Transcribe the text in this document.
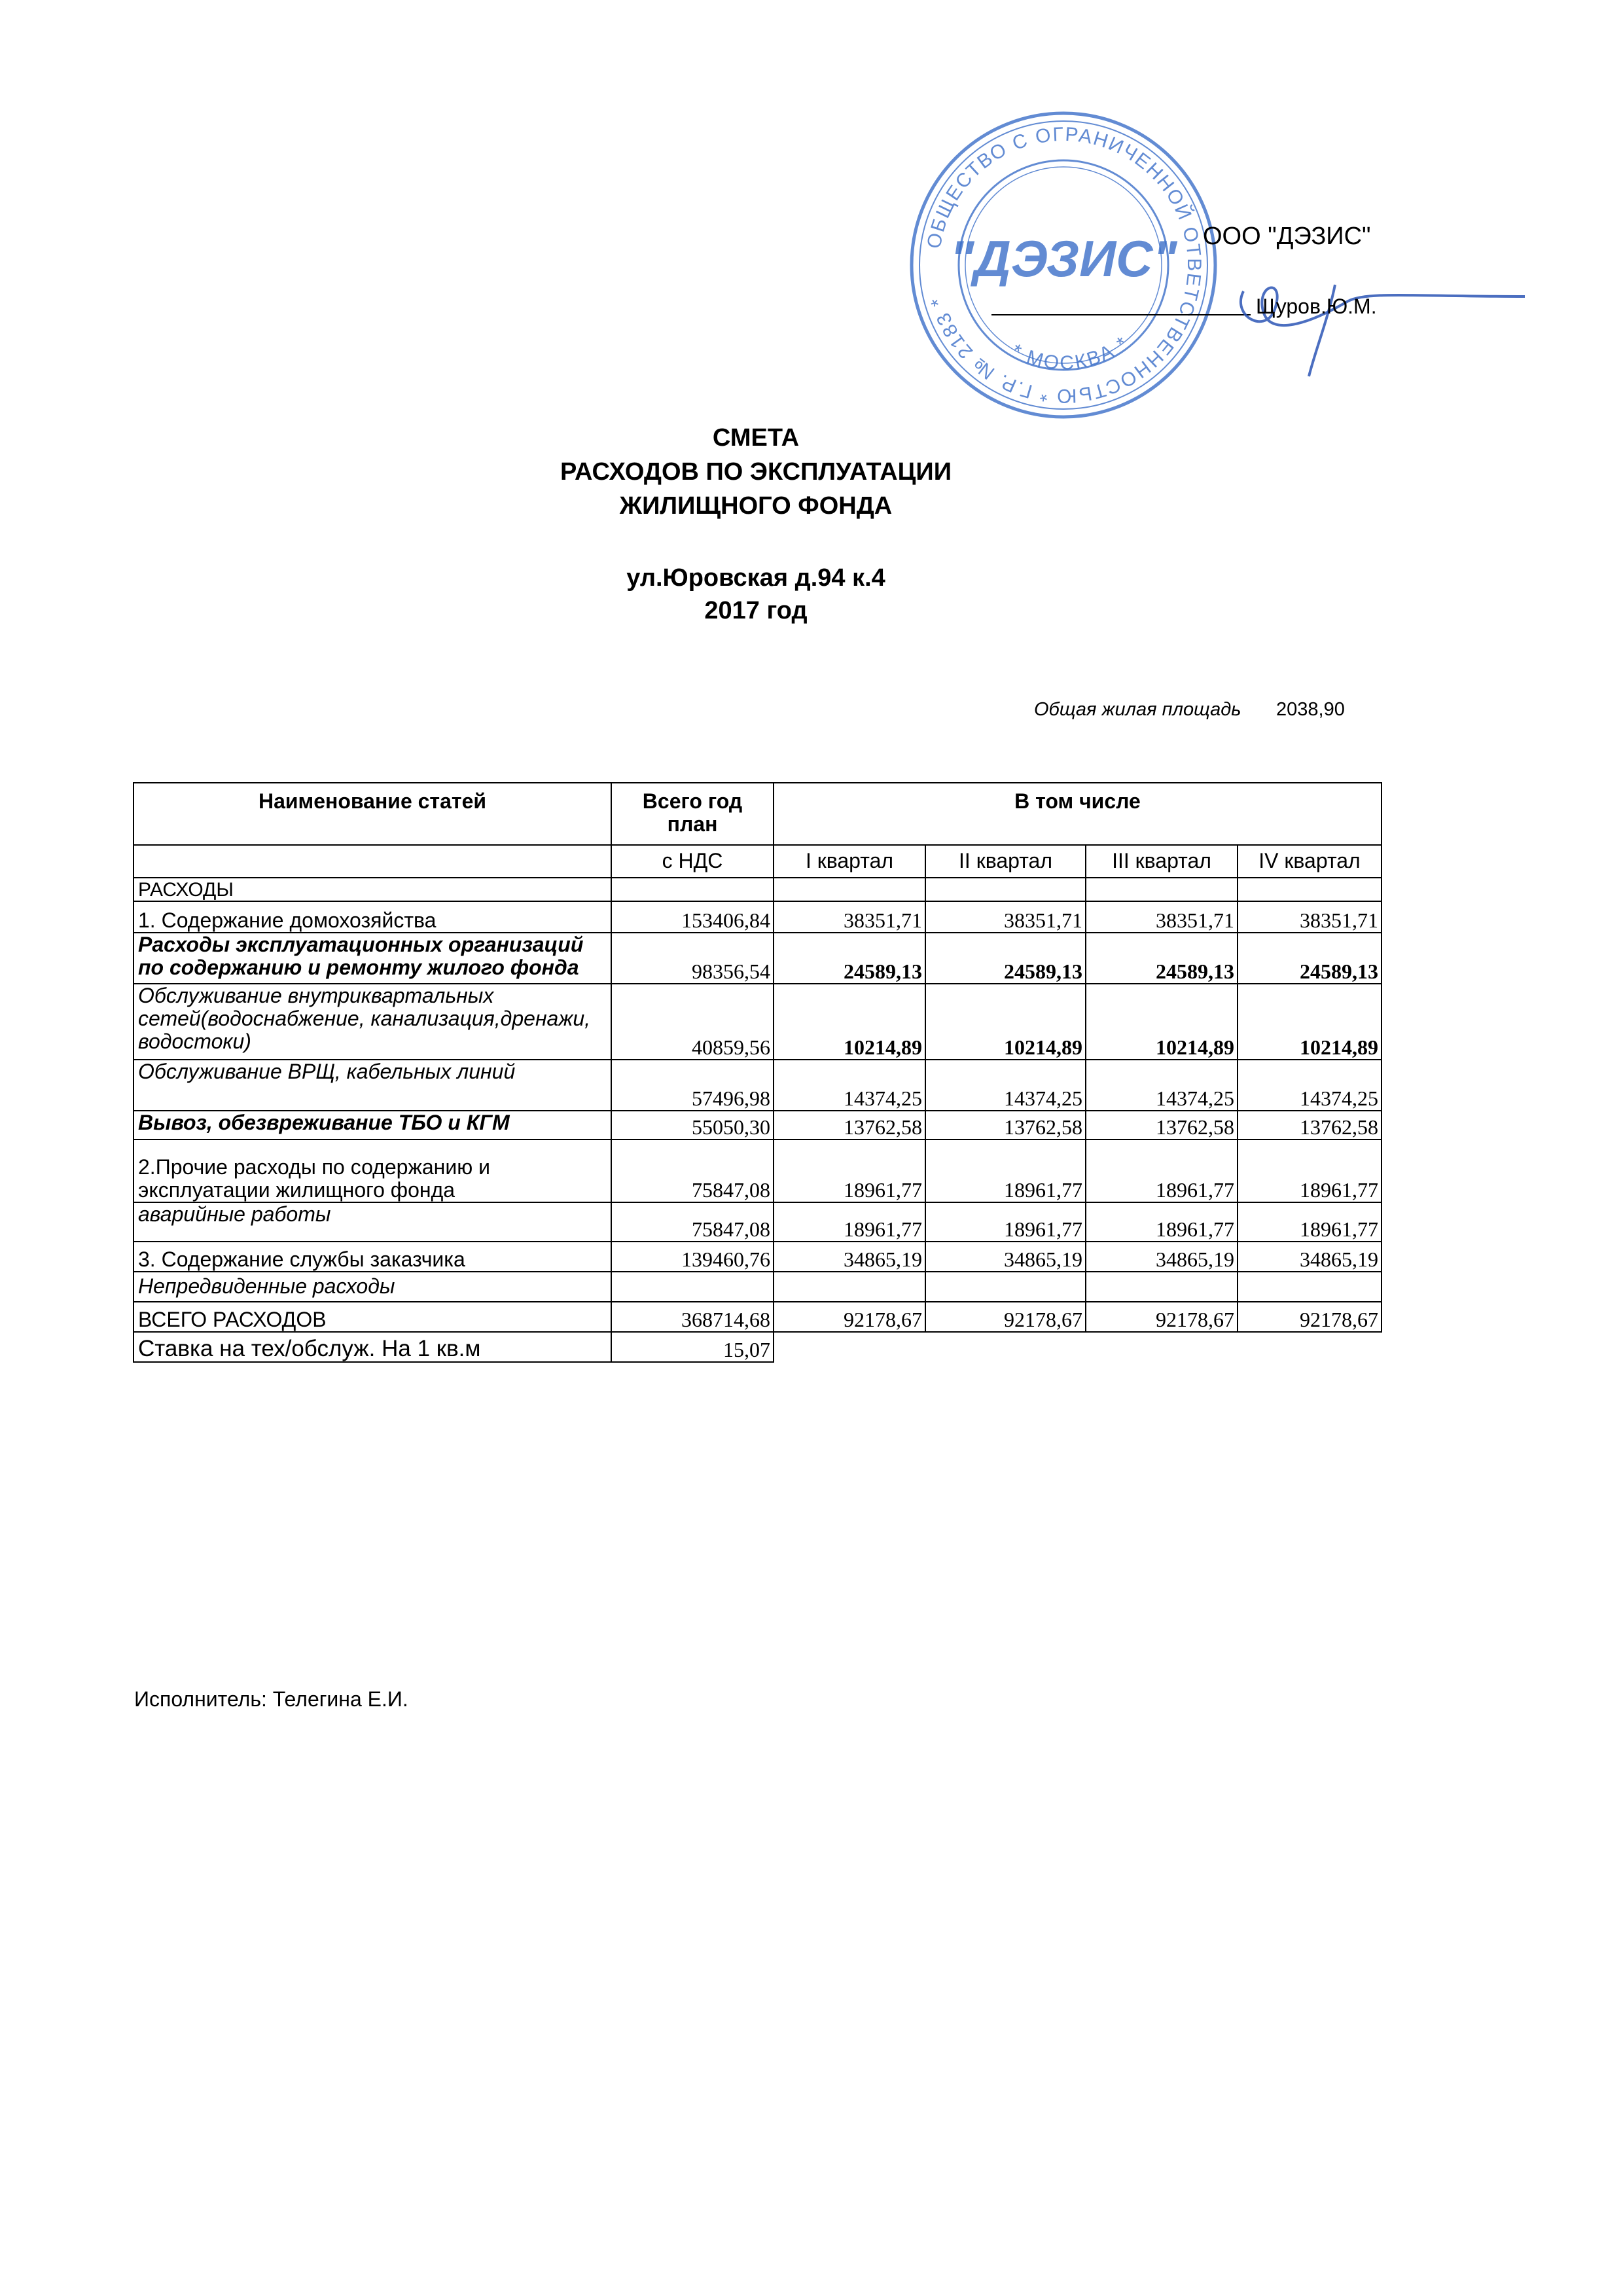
ОБЩЕСТВО С ОГРАНИЧЕННОЙ ОТВЕТСТВЕННОСТЬЮ * Г.Р. № 2183 *
"ДЭЗИС"
* МОСКВА *
ООО "ДЭЗИС"
Щуров.Ю.М.
СМЕТА
РАСХОДОВ ПО ЭКСПЛУАТАЦИИ
ЖИЛИЩНОГО ФОНДА
ул.Юровская д.94 к.4
2017 год
Общая жилая площадь 2038,90
Наименование статей	Всего год план	В том числе			
	с НДС	I квартал	II квартал	III квартал	IV квартал
РАСХОДЫ					
1. Содержание домохозяйства	153406,84	38351,71	38351,71	38351,71	38351,71
Расходы эксплуатационных организаций по содержанию и ремонту жилого фонда	98356,54	24589,13	24589,13	24589,13	24589,13
Обслуживание внутриквартальных сетей(водоснабжение, канализация,дренажи, водостоки)	40859,56	10214,89	10214,89	10214,89	10214,89
Обслуживание ВРЩ, кабельных линий	57496,98	14374,25	14374,25	14374,25	14374,25
Вывоз, обезвреживание ТБО и КГМ	55050,30	13762,58	13762,58	13762,58	13762,58
2.Прочие расходы по содержанию и эксплуатации жилищного фонда	75847,08	18961,77	18961,77	18961,77	18961,77
аварийные работы	75847,08	18961,77	18961,77	18961,77	18961,77
3. Содержание службы заказчика	139460,76	34865,19	34865,19	34865,19	34865,19
Непредвиденные расходы					
ВСЕГО РАСХОДОВ	368714,68	92178,67	92178,67	92178,67	92178,67
Ставка на тех/обслуж. На 1 кв.м	15,07				
Исполнитель: Телегина Е.И.
